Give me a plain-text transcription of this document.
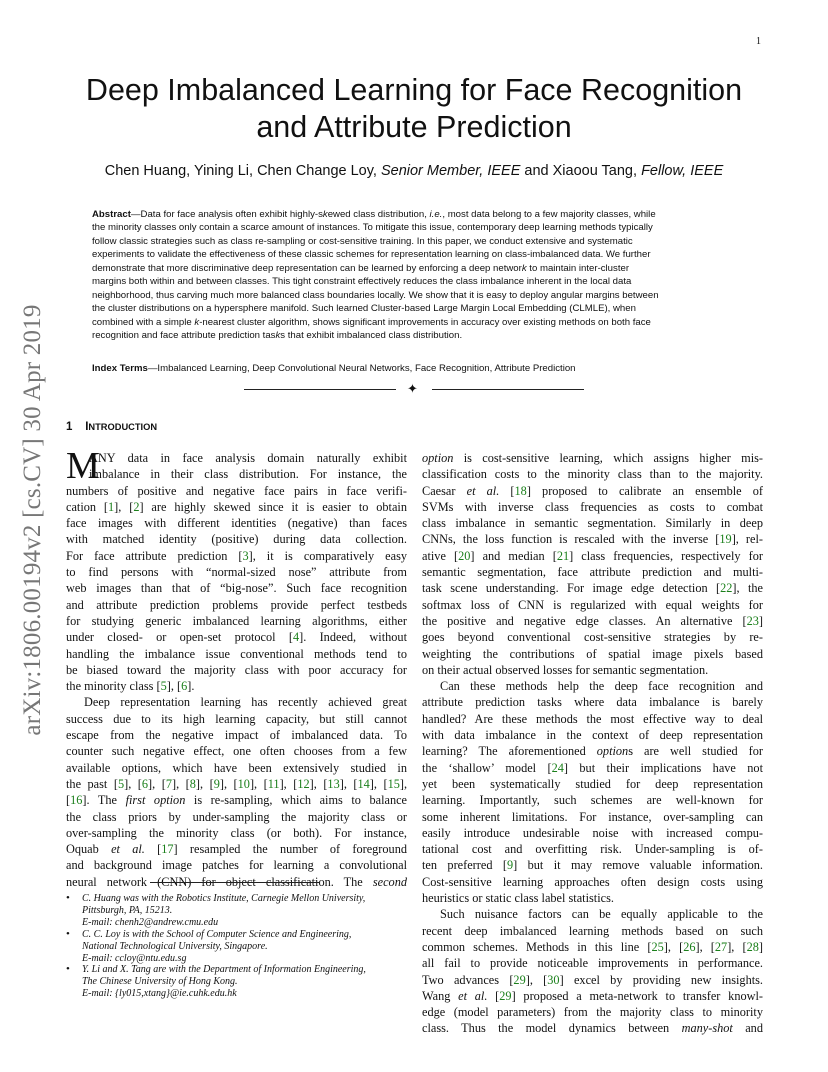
1
arXiv:1806.00194v2 [cs.CV] 30 Apr 2019
Deep Imbalanced Learning for Face Recognition
and Attribute Prediction
Chen Huang, Yining Li, Chen Change Loy, Senior Member, IEEE and Xiaoou Tang, Fellow, IEEE
Abstract—Data for face analysis often exhibit highly-skewed class distribution, i.e., most data belong to a few majority classes, while
the minority classes only contain a scarce amount of instances. To mitigate this issue, contemporary deep learning methods typically
follow classic strategies such as class re-sampling or cost-sensitive training. In this paper, we conduct extensive and systematic
experiments to validate the effectiveness of these classic schemes for representation learning on class-imbalanced data. We further
demonstrate that more discriminative deep representation can be learned by enforcing a deep network to maintain inter-cluster
margins both within and between classes. This tight constraint effectively reduces the class imbalance inherent in the local data
neighborhood, thus carving much more balanced class boundaries locally. We show that it is easy to deploy angular margins between
the cluster distributions on a hypersphere manifold. Such learned Cluster-based Large Margin Local Embedding (CLMLE), when
combined with a simple k-nearest cluster algorithm, shows significant improvements in accuracy over existing methods on both face
recognition and face attribute prediction tasks that exhibit imbalanced class distribution.
Index Terms—Imbalanced Learning, Deep Convolutional Neural Networks, Face Recognition, Attribute Prediction
✦
1 INTRODUCTION
M
ANY data in face analysis domain naturally exhibit
imbalance in their class distribution. For instance, the
numbers of positive and negative face pairs in face verifi-
cation [1], [2] are highly skewed since it is easier to obtain
face images with different identities (negative) than faces
with matched identity (positive) during data collection.
For face attribute prediction [3], it is comparatively easy
to find persons with “normal-sized nose” attribute from
web images than that of “big-nose”. Such face recognition
and attribute prediction problems provide perfect testbeds
for studying generic imbalanced learning algorithms, either
under closed- or open-set protocol [4]. Indeed, without
handling the imbalance issue conventional methods tend to
be biased toward the majority class with poor accuracy for
the minority class [5], [6].
Deep representation learning has recently achieved great
success due to its high learning capacity, but still cannot
escape from the negative impact of imbalanced data. To
counter such negative effect, one often chooses from a few
available options, which have been extensively studied in
the past [5], [6], [7], [8], [9], [10], [11], [12], [13], [14], [15],
[16]. The first option is re-sampling, which aims to balance
the class priors by under-sampling the majority class or
over-sampling the minority class (or both). For instance,
Oquab et al. [17] resampled the number of foreground
and background image patches for learning a convolutional
neural network (CNN) for object classification. The second
option is cost-sensitive learning, which assigns higher mis-
classification costs to the minority class than to the majority.
Caesar et al. [18] proposed to calibrate an ensemble of
SVMs with inverse class frequencies as costs to combat
class imbalance in semantic segmentation. Similarly in deep
CNNs, the loss function is rescaled with the inverse [19], rel-
ative [20] and median [21] class frequencies, respectively for
semantic segmentation, face attribute prediction and multi-
task scene understanding. For image edge detection [22], the
softmax loss of CNN is regularized with equal weights for
the positive and negative edge classes. An alternative [23]
goes beyond conventional cost-sensitive strategies by re-
weighting the contributions of spatial image pixels based
on their actual observed losses for semantic segmentation.
Can these methods help the deep face recognition and
attribute prediction tasks where data imbalance is barely
handled? Are these methods the most effective way to deal
with data imbalance in the context of deep representation
learning? The aforementioned options are well studied for
the ‘shallow’ model [24] but their implications have not
yet been systematically studied for deep representation
learning. Importantly, such schemes are well-known for
some inherent limitations. For instance, over-sampling can
easily introduce undesirable noise with increased compu-
tational cost and overfitting risk. Under-sampling is of-
ten preferred [9] but it may remove valuable information.
Cost-sensitive learning approaches often design costs using
heuristics or static class label statistics.
Such nuisance factors can be equally applicable to the
recent deep imbalanced learning methods based on such
common schemes. Methods in this line [25], [26], [27], [28]
all fail to provide noticeable improvements in performance.
Two advances [29], [30] excel by providing new insights.
Wang et al. [29] proposed a meta-network to transfer knowl-
edge (model parameters) from the majority class to minority
class. Thus the model dynamics between many-shot and
• C. Huang was with the Robotics Institute, Carnegie Mellon University,
Pittsburgh, PA, 15213.
E-mail: chenh2@andrew.cmu.edu
• C. C. Loy is with the School of Computer Science and Engineering,
National Technological University, Singapore.
E-mail: ccloy@ntu.edu.sg
• Y. Li and X. Tang are with the Department of Information Engineering,
The Chinese University of Hong Kong.
E-mail: {ly015,xtang}@ie.cuhk.edu.hk
